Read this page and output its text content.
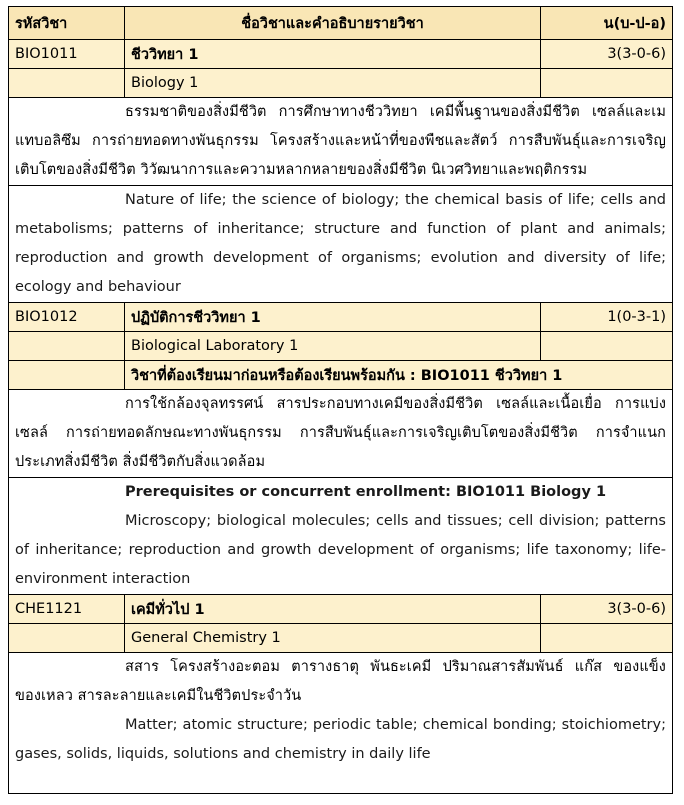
รหัสวิชา	ชื่อวิชาและคำอธิบายรายวิชา	น(บ-ป-อ)
BIO1011	ชีววิทยา 1	3(3-0-6)
	Biology 1	

ธรรมชาติของสิ่งมีชีวิต การศึกษาทางชีววิทยา เคมีพื้นฐานของสิ่งมีชีวิต เซลล์และเมแทบอลิซึม การถ่ายทอดทางพันธุกรรม โครงสร้างและหน้าที่ของพืชและสัตว์ การสืบพันธุ์และการเจริญเติบโตของสิ่งมีชีวิต วิวัฒนาการและความหลากหลายของสิ่งมีชีวิต นิเวศวิทยาและพฤติกรรม		

Nature of life; the science of biology; the chemical basis of life; cells and metabolisms; patterns of inheritance; structure and function of plant and animals; reproduction and growth development of organisms; evolution and diversity of life; ecology and behaviour		

BIO1012	ปฏิบัติการชีววิทยา 1	1(0-3-1)
	Biological Laboratory 1	
	วิชาที่ต้องเรียนมาก่อนหรือต้องเรียนพร้อมกัน : BIO1011 ชีววิทยา 1	

การใช้กล้องจุลทรรศน์ สารประกอบทางเคมีของสิ่งมีชีวิต เซลล์และเนื้อเยื่อ การแบ่งเซลล์ การถ่ายทอดลักษณะทางพันธุกรรม การสืบพันธุ์และการเจริญเติบโตของสิ่งมีชีวิต การจำแนกประเภทสิ่งมีชีวิต สิ่งมีชีวิตกับสิ่งแวดล้อม		

Prerequisites or concurrent enrollment: BIO1011 Biology 1

Microscopy; biological molecules; cells and tissues; cell division; patterns of inheritance; reproduction and growth development of organisms; life taxonomy; life-environment interaction		

CHE1121	เคมีทั่วไป 1	3(3-0-6)
	General Chemistry 1	

สสาร โครงสร้างอะตอม ตารางธาตุ พันธะเคมี ปริมาณสารสัมพันธ์ แก๊ส ของแข็ง ของเหลว สารละลายและเคมีในชีวิตประจำวัน

Matter; atomic structure; periodic table; chemical bonding; stoichiometry; gases, solids, liquids, solutions and chemistry in daily life		
